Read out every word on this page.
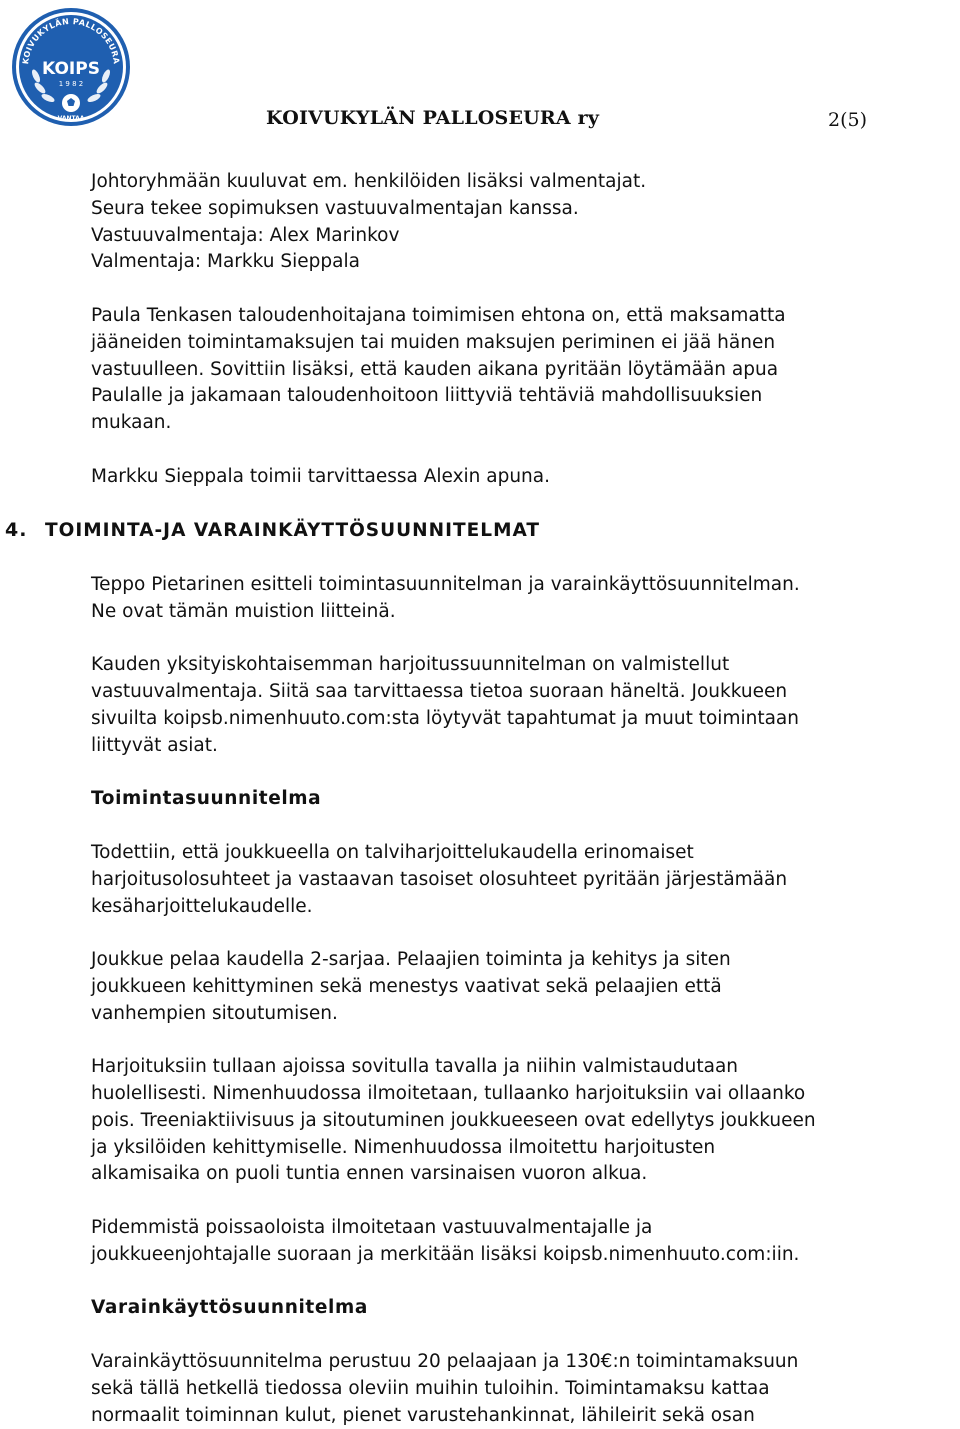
KOIVUKYLÄN PALLOSEURA
KOIPS
1 9 8 2
VANTAA	KOIVUKYLÄN PALLOSEURA ry	2(5)

Johtoryhmään kuuluvat em. henkilöiden lisäksi valmentajat.
Seura tekee sopimuksen vastuuvalmentajan kanssa.
Vastuuvalmentaja: Alex Marinkov
Valmentaja: Markku Sieppala

Paula Tenkasen taloudenhoitajana toimimisen ehtona on, että maksamatta
jääneiden toimintamaksujen tai muiden maksujen periminen ei jää hänen
vastuulleen. Sovittiin lisäksi, että kauden aikana pyritään löytämään apua
Paulalle ja jakamaan taloudenhoitoon liittyviä tehtäviä mahdollisuuksien
mukaan.

Markku Sieppala toimii tarvittaessa Alexin apuna.

4. TOIMINTA-JA VARAINKÄYTTÖSUUNNITELMAT

Teppo Pietarinen esitteli toimintasuunnitelman ja varainkäyttösuunnitelman.
Ne ovat tämän muistion liitteinä.

Kauden yksityiskohtaisemman harjoitussuunnitelman on valmistellut
vastuuvalmentaja. Siitä saa tarvittaessa tietoa suoraan häneltä. Joukkueen
sivuilta koipsb.nimenhuuto.com:sta löytyvät tapahtumat ja muut toimintaan
liittyvät asiat.

Toimintasuunnitelma

Todettiin, että joukkueella on talviharjoittelukaudella erinomaiset
harjoitusolosuhteet ja vastaavan tasoiset olosuhteet pyritään järjestämään
kesäharjoittelukaudelle.

Joukkue pelaa kaudella 2-sarjaa. Pelaajien toiminta ja kehitys ja siten
joukkueen kehittyminen sekä menestys vaativat sekä pelaajien että
vanhempien sitoutumisen.

Harjoituksiin tullaan ajoissa sovitulla tavalla ja niihin valmistaudutaan
huolellisesti. Nimenhuudossa ilmoitetaan, tullaanko harjoituksiin vai ollaanko
pois. Treeniaktiivisuus ja sitoutuminen joukkueeseen ovat edellytys joukkueen
ja yksilöiden kehittymiselle. Nimenhuudossa ilmoitettu harjoitusten
alkamisaika on puoli tuntia ennen varsinaisen vuoron alkua.

Pidemmistä poissaoloista ilmoitetaan vastuuvalmentajalle ja
joukkueenjohtajalle suoraan ja merkitään lisäksi koipsb.nimenhuuto.com:iin.

Varainkäyttösuunnitelma

Varainkäyttösuunnitelma perustuu 20 pelaajaan ja 130€:n toimintamaksuun
sekä tällä hetkellä tiedossa oleviin muihin tuloihin. Toimintamaksu kattaa
normaalit toiminnan kulut, pienet varustehankinnat, lähileirit sekä osan
